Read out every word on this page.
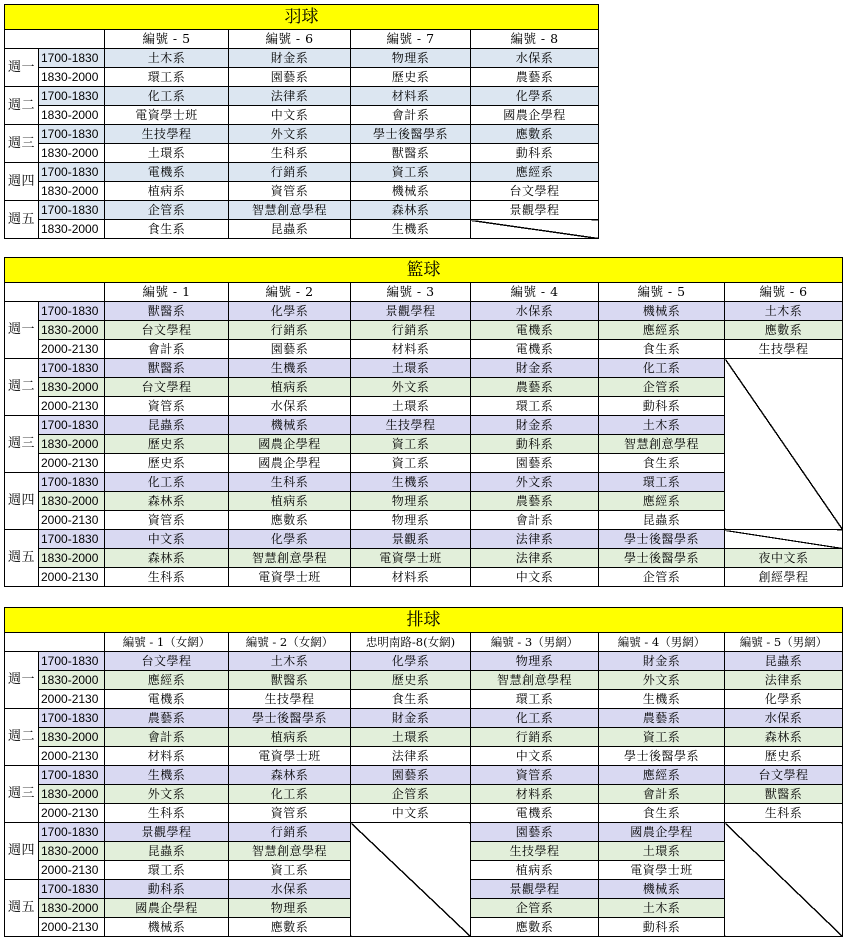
羽球					
		編號 - 5	編號 - 6	編號 - 7	編號 - 8
週一	1700-1830	土木系	財金系	物理系	水保系
	1830-2000	環工系	園藝系	歷史系	農藝系
週二	1700-1830	化工系	法律系	材料系	化學系
	1830-2000	電資學士班	中文系	會計系	國農企學程
週三	1700-1830	生技學程	外文系	學士後醫學系	應數系
	1830-2000	土環系	生科系	獸醫系	動科系
週四	1700-1830	電機系	行銷系	資工系	應經系
	1830-2000	植病系	資管系	機械系	台文學程
週五	1700-1830	企管系	智慧創意學程	森林系	景觀學程
	1830-2000	食生系	昆蟲系	生機系	
籃球							
		編號 - 1	編號 - 2	編號 - 3	編號 - 4	編號 - 5	編號 - 6
週一	1700-1830	獸醫系	化學系	景觀學程	水保系	機械系	土木系
	1830-2000	台文學程	行銷系	行銷系	電機系	應經系	應數系
	2000-2130	會計系	園藝系	材料系	電機系	食生系	生技學程
週二	1700-1830	獸醫系	生機系	土環系	財金系	化工系	
	1830-2000	台文學程	植病系	外文系	農藝系	企管系	
	2000-2130	資管系	水保系	土環系	環工系	動科系	
週三	1700-1830	昆蟲系	機械系	生技學程	財金系	土木系	
	1830-2000	歷史系	國農企學程	資工系	動科系	智慧創意學程	
	2000-2130	歷史系	國農企學程	資工系	園藝系	食生系	
週四	1700-1830	化工系	生科系	生機系	外文系	環工系	
	1830-2000	森林系	植病系	物理系	農藝系	應經系	
	2000-2130	資管系	應數系	物理系	會計系	昆蟲系	
週五	1700-1830	中文系	化學系	景觀系	法律系	學士後醫學系	
	1830-2000	森林系	智慧創意學程	電資學士班	法律系	學士後醫學系	夜中文系
	2000-2130	生科系	電資學士班	材料系	中文系	企管系	創經學程
排球							
		編號 - 1（女網）	編號 - 2（女網）	忠明南路-8(女網)	編號 - 3（男網）	編號 - 4（男網）	編號 - 5（男網）
週一	1700-1830	台文學程	土木系	化學系	物理系	財金系	昆蟲系
	1830-2000	應經系	獸醫系	歷史系	智慧創意學程	外文系	法律系
	2000-2130	電機系	生技學程	食生系	環工系	生機系	化學系
週二	1700-1830	農藝系	學士後醫學系	財金系	化工系	農藝系	水保系
	1830-2000	會計系	植病系	土環系	行銷系	資工系	森林系
	2000-2130	材料系	電資學士班	法律系	中文系	學士後醫學系	歷史系
週三	1700-1830	生機系	森林系	園藝系	資管系	應經系	台文學程
	1830-2000	外文系	化工系	企管系	材料系	會計系	獸醫系
	2000-2130	生科系	資管系	中文系	電機系	食生系	生科系
週四	1700-1830	景觀學程	行銷系		園藝系	國農企學程	
	1830-2000	昆蟲系	智慧創意學程		生技學程	土環系	
	2000-2130	環工系	資工系		植病系	電資學士班	
週五	1700-1830	動科系	水保系		景觀學程	機械系	
	1830-2000	國農企學程	物理系		企管系	土木系	
	2000-2130	機械系	應數系		應數系	動科系	
